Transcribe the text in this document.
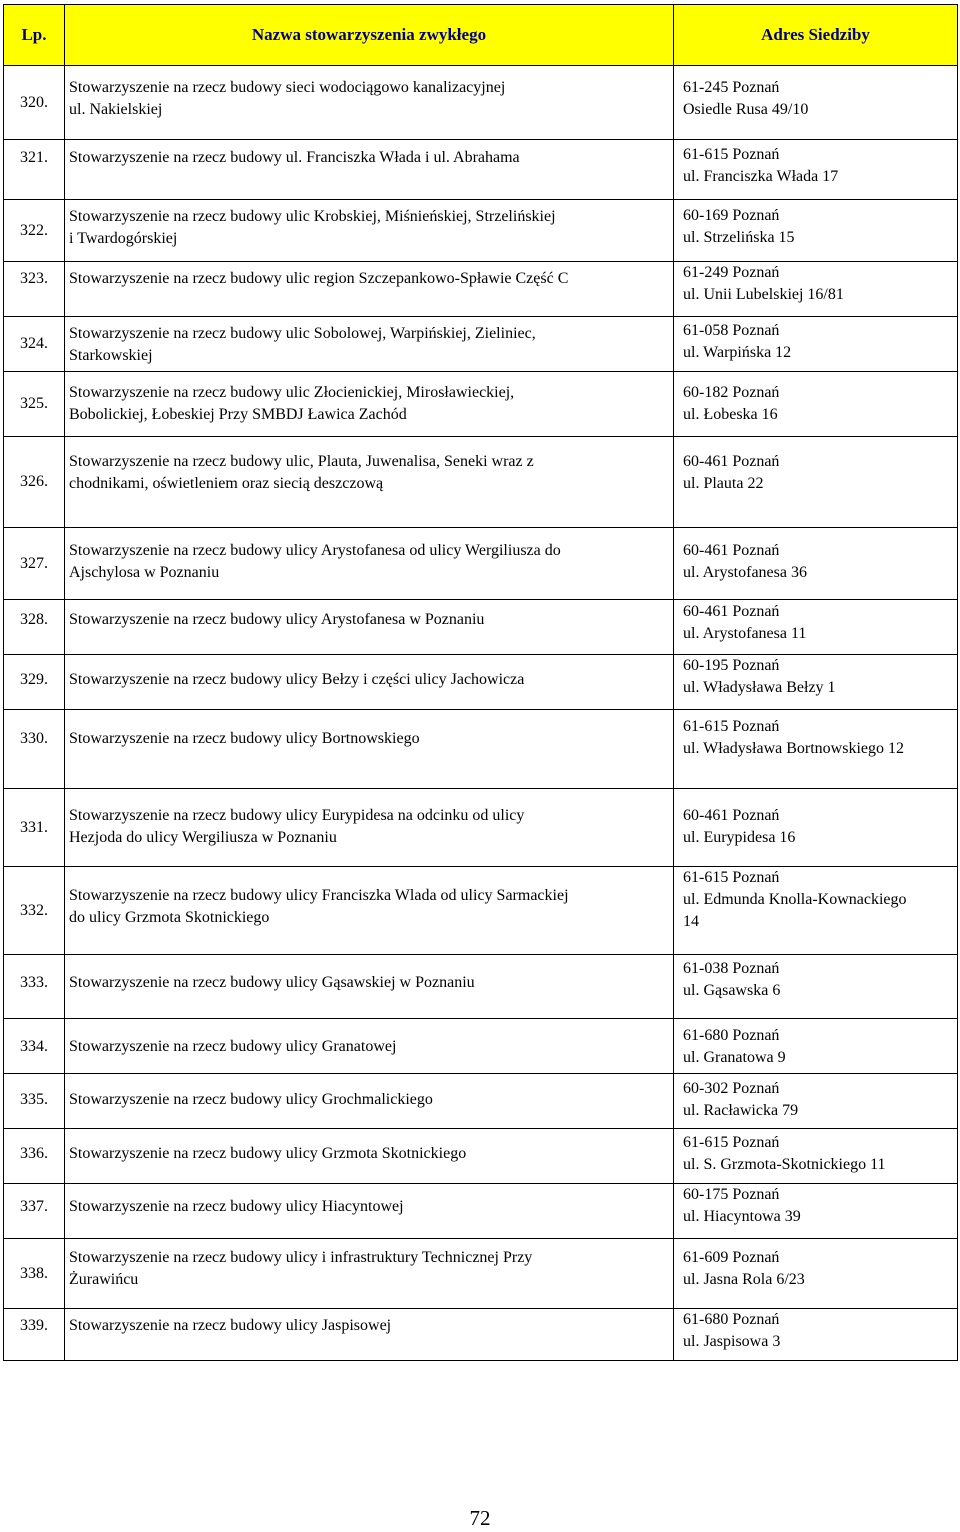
Lp.	Nazwa stowarzyszenia zwykłego	Adres Siedziby
320.	Stowarzyszenie na rzecz budowy sieci wodociągowo kanalizacyjnej
ul. Nakielskiej	61-245 Poznań
Osiedle Rusa 49/10

321.	Stowarzyszenie na rzecz budowy ul. Franciszka Włada i ul. Abrahama	61-615 Poznań
ul. Franciszka Włada 17

322.	Stowarzyszenie na rzecz budowy ulic Krobskiej, Miśnieńskiej, Strzelińskiej
i Twardogórskiej	60-169 Poznań
ul. Strzelińska 15

323.	Stowarzyszenie na rzecz budowy ulic region Szczepankowo-Spławie Część C	61-249 Poznań
ul. Unii Lubelskiej 16/81

324.	Stowarzyszenie na rzecz budowy ulic Sobolowej, Warpińskiej, Zieliniec,
Starkowskiej	61-058 Poznań
ul. Warpińska 12

325.	Stowarzyszenie na rzecz budowy ulic Złocienickiej, Mirosławieckiej,
Bobolickiej, Łobeskiej Przy SMBDJ Ławica Zachód	60-182 Poznań
ul. Łobeska 16

326.	Stowarzyszenie na rzecz budowy ulic, Plauta, Juwenalisa, Seneki wraz z
chodnikami, oświetleniem oraz siecią deszczową	60-461 Poznań
ul. Plauta 22

327.	Stowarzyszenie na rzecz budowy ulicy Arystofanesa od ulicy Wergiliusza do
Ajschylosa w Poznaniu	60-461 Poznań
ul. Arystofanesa 36

328.	Stowarzyszenie na rzecz budowy ulicy Arystofanesa w Poznaniu	60-461 Poznań
ul. Arystofanesa 11

329.	Stowarzyszenie na rzecz budowy ulicy Bełzy i części ulicy Jachowicza	60-195 Poznań
ul. Władysława Bełzy 1

330.	Stowarzyszenie na rzecz budowy ulicy Bortnowskiego	61-615 Poznań
ul. Władysława Bortnowskiego 12

331.	Stowarzyszenie na rzecz budowy ulicy Eurypidesa na odcinku od ulicy
Hezjoda do ulicy Wergiliusza w Poznaniu	60-461 Poznań
ul. Eurypidesa 16

332.	Stowarzyszenie na rzecz budowy ulicy Franciszka Wlada od ulicy Sarmackiej
do ulicy Grzmota Skotnickiego	61-615 Poznań
ul. Edmunda Knolla-Kownackiego
14

333.	Stowarzyszenie na rzecz budowy ulicy Gąsawskiej w Poznaniu	61-038 Poznań
ul. Gąsawska 6

334.	Stowarzyszenie na rzecz budowy ulicy Granatowej	61-680 Poznań
ul. Granatowa 9

335.	Stowarzyszenie na rzecz budowy ulicy Grochmalickiego	60-302 Poznań
ul. Racławicka 79

336.	Stowarzyszenie na rzecz budowy ulicy Grzmota Skotnickiego	61-615 Poznań
ul. S. Grzmota-Skotnickiego 11

337.	Stowarzyszenie na rzecz budowy ulicy Hiacyntowej	60-175 Poznań
ul. Hiacyntowa 39

338.	Stowarzyszenie na rzecz budowy ulicy i infrastruktury Technicznej Przy
Żurawińcu	61-609 Poznań
ul. Jasna Rola 6/23

339.	Stowarzyszenie na rzecz budowy ulicy Jaspisowej	61-680 Poznań
ul. Jaspisowa 3
72
